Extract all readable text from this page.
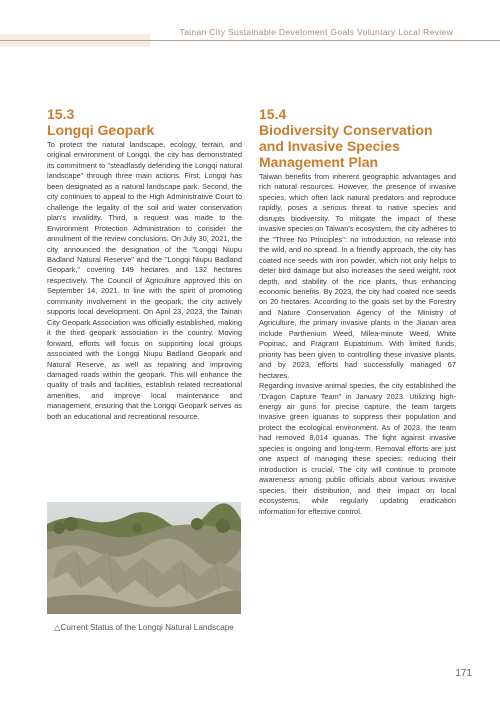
Tainan City Sustainable Develoment Goals Voluntary Local Review
15.3
Longqi Geopark

To protect the natural landscape, ecology, terrain, and original environment of Longqi, the city has demonstrated its commitment to "steadfastly defending the Longqi natural landscape" through three main actions. First, Longqi has been designated as a natural landscape park. Second, the city continues to appeal to the High Administrative Court to challenge the legality of the soil and water conservation plan's invalidity. Third, a request was made to the Environment Protection Administration to consider the annulment of the review conclusions. On July 30, 2021, the city announced the designation of the "Longqi Niupu Badland Natural Reserve" and the "Longqi Niupu Badland Geopark," covering 149 hectares and 132 hectares respectively. The Council of Agriculture approved this on September 14, 2021. In line with the spirit of promoting community involvement in the geopark, the city actively supports local development. On April 23, 2023, the Tainan City Geopark Association was officially established, making it the third geopark association in the country. Moving forward, efforts will focus on supporting local groups associated with the Longqi Niupu Badland Geopark and Natural Reserve, as well as repairing and improving damaged roads within the geopark. This will enhance the quality of trails and facilities, establish related recreational amenities, and improve local maintenance and management, ensuring that the Longqi Geopark serves as both an educational and recreational resource.

△Current Status of the Longqi Natural Landscape
15.4
Biodiversity Conservation and Invasive Species Management Plan

Taiwan benefits from inherent geographic advantages and rich natural resources. However, the presence of invasive species, which often lack natural predators and reproduce rapidly, poses a serious threat to native species and disrupts biodiversity. To mitigate the impact of these invasive species on Taiwan's ecosystem, the city adheres to the "Three No Principles": no introduction, no release into the wild, and no spread. In a friendly approach, the city has coated rice seeds with iron powder, which not only helps to deter bird damage but also increases the seed weight, root depth, and stability of the rice plants, thus enhancing economic benefits. By 2023, the city had coated rice seeds on 20 hectares. According to the goals set by the Forestry and Nature Conservation Agency of the Ministry of Agriculture, the primary invasive plants in the Jianan area include Parthenium Weed, Milea-minute Weed, White Popinac, and Fragrant Eupatorium. With limited funds, priority has been given to controlling these invasive plants, and by 2023, efforts had successfully managed 67 hectares.

Regarding invasive animal species, the city established the "Dragon Capture Team" in January 2023. Utilizing high-energy air guns for precise capture, the team targets invasive green iguanas to suppress their population and protect the ecological environment. As of 2023, the team had removed 8,014 iguanas. The fight against invasive species is ongoing and long-term. Removal efforts are just one aspect of managing these species; reducing their introduction is crucial. The city will continue to promote awareness among public officials about various invasive species, their distribution, and their impact on local ecosystems, while regularly updating eradication information for effective control.

171
